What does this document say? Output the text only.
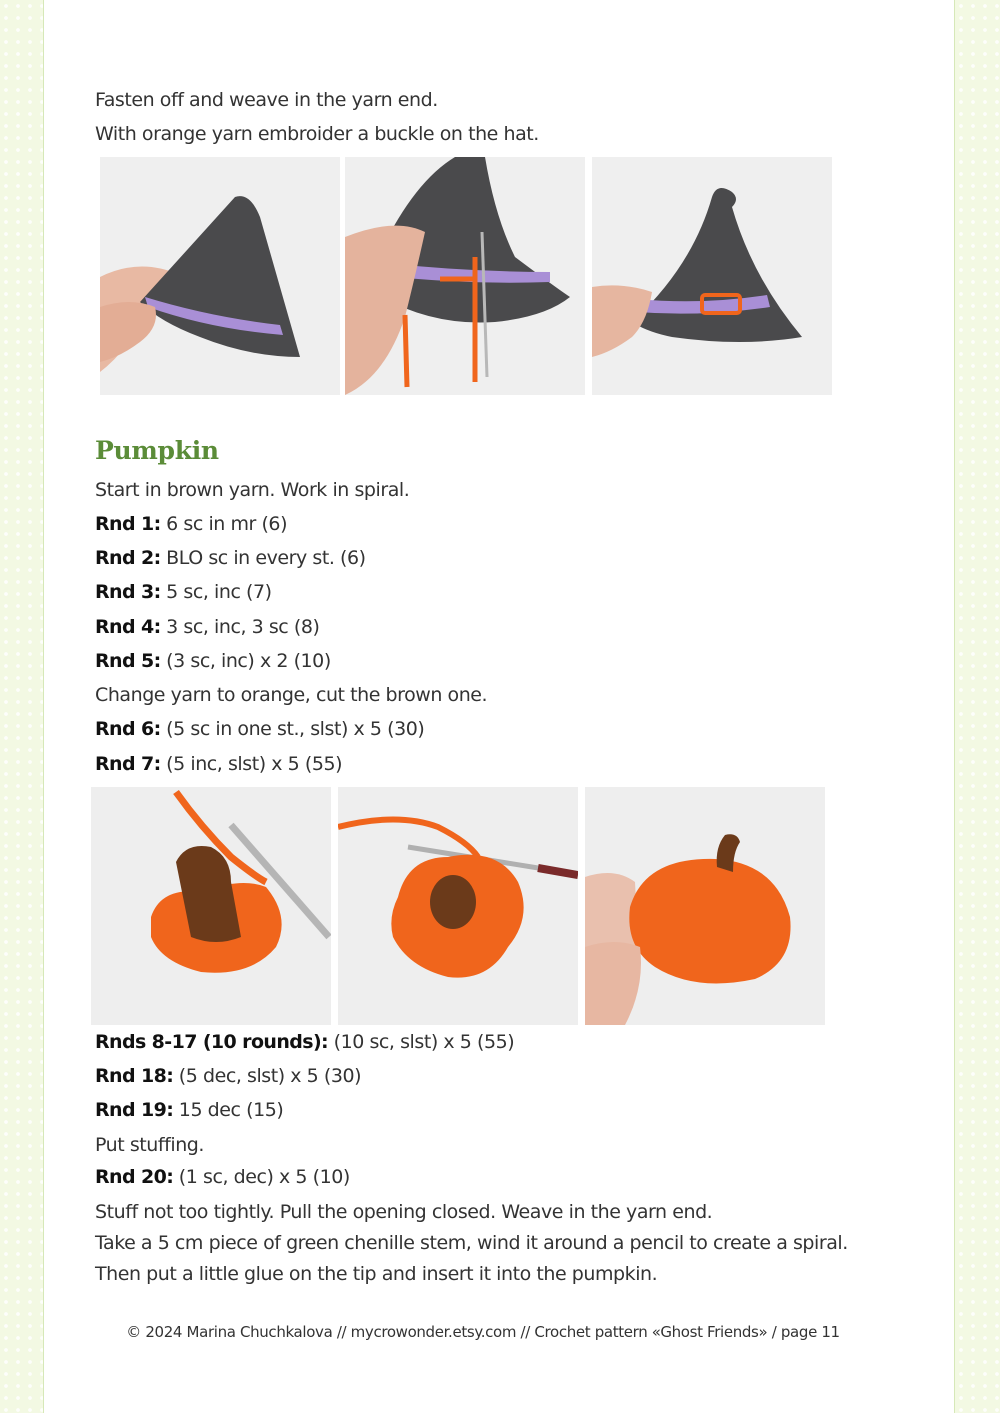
Fasten off and weave in the yarn end.
With orange yarn embroider a buckle on the hat.
Pumpkin
Start in brown yarn. Work in spiral.
Rnd 1: 6 sc in mr (6)
Rnd 2: BLO sc in every st. (6)
Rnd 3: 5 sc, inc (7)
Rnd 4: 3 sc, inc, 3 sc (8)
Rnd 5: (3 sc, inc) x 2 (10)
Change yarn to orange, cut the brown one.
Rnd 6: (5 sc in one st., slst) x 5 (30)
Rnd 7: (5 inc, slst) x 5 (55)
Rnds 8-17 (10 rounds): (10 sc, slst) x 5 (55)
Rnd 18: (5 dec, slst) x 5 (30)
Rnd 19: 15 dec (15)
Put stuffing.
Rnd 20: (1 sc, dec) x 5 (10)
Stuff not too tightly. Pull the opening closed. Weave in the yarn end.
Take a 5 cm piece of green chenille stem, wind it around a pencil to create a spiral.
Then put a little glue on the tip and insert it into the pumpkin.
© 2024 Marina Chuchkalova // mycrowonder.etsy.com // Crochet pattern «Ghost Friends» / page 11
